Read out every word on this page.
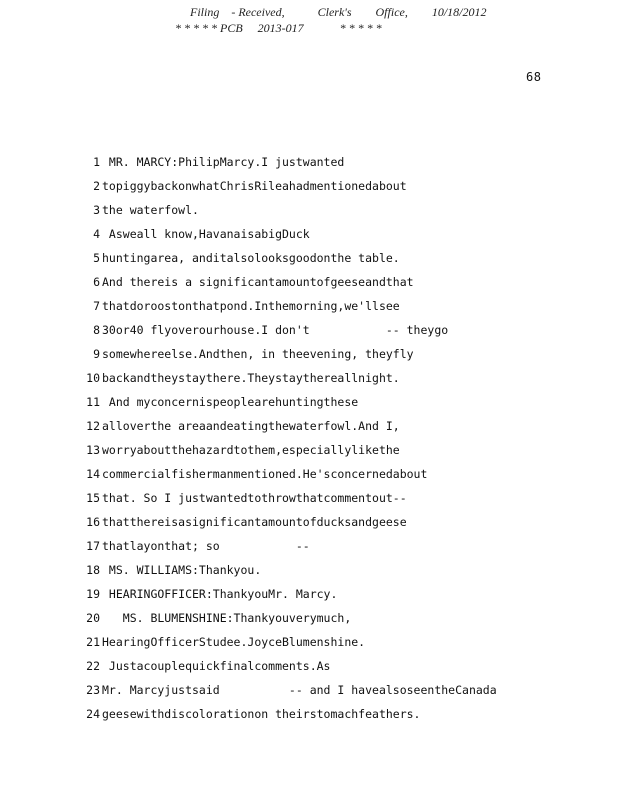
Filing    - Received,           Clerk's        Office,        10/18/2012
* * * * * PCB     2013-017            * * * * *
68
1 MR. MARCY:PhilipMarcy.I justwanted
2 topiggybackonwhatChrisRileahadmentionedabout
3 the waterfowl.
4 Asweall know,HavanaisabigDuck
5 huntingarea, anditalsolooksgoodonthe table.
6 And thereis a significantamountofgeeseandthat
7 thatdoroostonthatpond.Inthemorning,we'llsee
8 30or40 flyoverourhouse.I don't           -- theygo
9 somewhereelse.Andthen, in theevening, theyfly
10 backandtheystaythere.Theystaythereallnight.
11 And myconcernispeoplearehuntingthese
12 alloverthe areaandeatingthewaterfowl.And I,
13 worryaboutthehazardtothem,especiallylikethe
14 commercialfishermanmentioned.He'sconcernedabout
15 that. So I justwantedtothrowthatcommentout--
16 thatthereisasignificantamountofducksandgeese
17 thatlayonthat; so           --
18 MS. WILLIAMS:Thankyou.
19 HEARINGOFFICER:ThankyouMr. Marcy.
20   MS. BLUMENSHINE:Thankyouverymuch,
21 HearingOfficerStudee.JoyceBlumenshine.
22 Justacouplequickfinalcomments.As
23 Mr. Marcyjustsaid          -- and I havealsoseentheCanada
24 geesewithdiscolorationon theirstomachfeathers.
